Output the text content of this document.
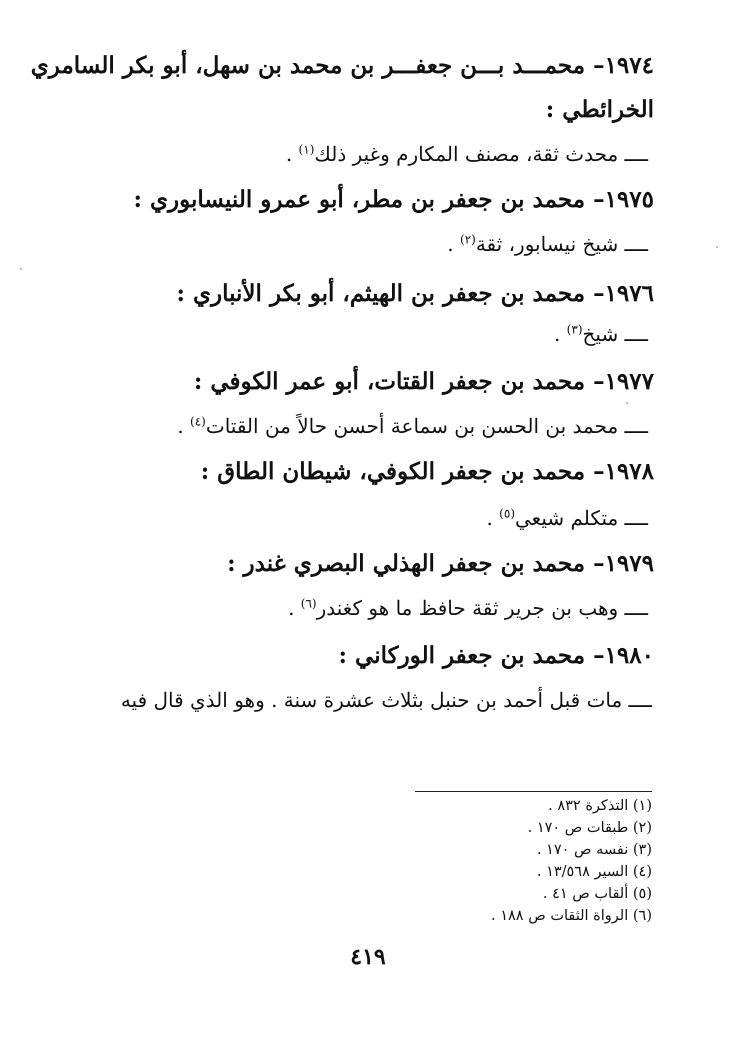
١٩٧٤– محمـــد بـــن جعفـــر بن محمد بن سهل، أبو بكر السامري
الخرائطي :
ــــ محدث ثقة، مصنف المكارم وغير ذلك$^{(١)}$ .
١٩٧٥– محمد بن جعفر بن مطر، أبو عمرو النيسابوري :
ــــ شيخ نيسابور، ثقة$^{(٢)}$ .
١٩٧٦– محمد بن جعفر بن الهيثم، أبو بكر الأنباري :
ــــ شيخ$^{(٣)}$ .
١٩٧٧– محمد بن جعفر القتات، أبو عمر الكوفي :
ــــ محمد بن الحسن بن سماعة أحسن حالاً من القتات$^{(٤)}$ .
١٩٧٨– محمد بن جعفر الكوفي، شيطان الطاق :
ــــ متكلم شيعي$^{(٥)}$ .
١٩٧٩– محمد بن جعفر الهذلي البصري غندر :
ــــ وهب بن جرير ثقة حافظ ما هو كغندر$^{(٦)}$ .
١٩٨٠– محمد بن جعفر الوركاني :
ــــ مات قبل أحمد بن حنبل بثلاث عشرة سنة . وهو الذي قال فيه
(١) التذكرة ٨٣٢ .
(٢) طبقات ص ١٧٠ .
(٣) نفسه ص ١٧٠ .
(٤) السير ١٣/٥٦٨ .
(٥) ألقاب ص ٤١ .
(٦) الرواة الثقات ص ١٨٨ .
٤١٩
